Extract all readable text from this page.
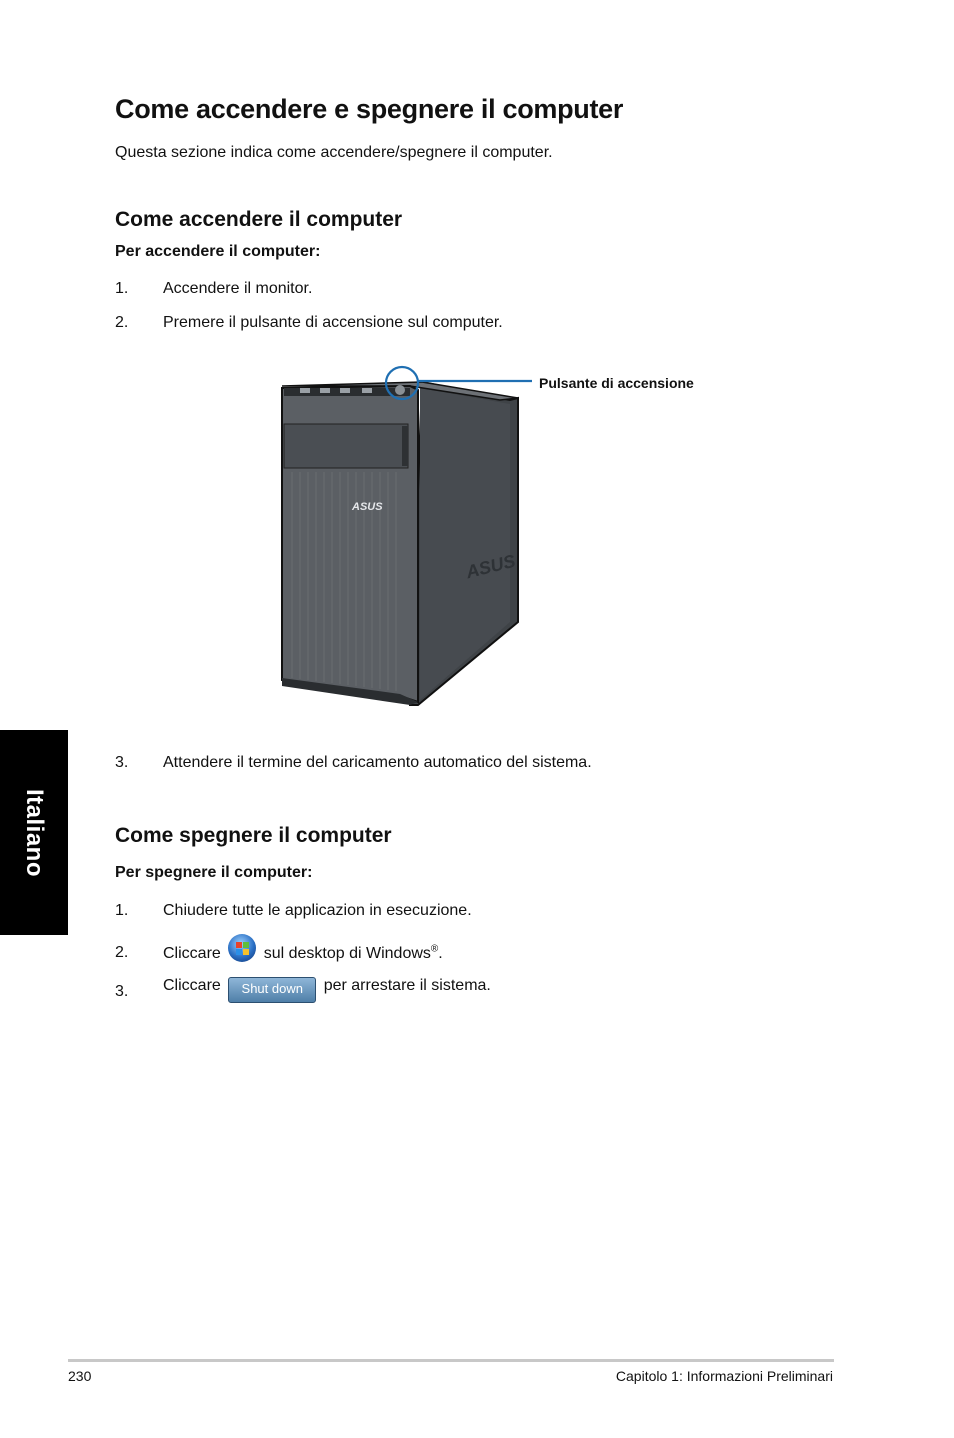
Come accendere e spegnere il computer
Questa sezione indica come accendere/spegnere il computer.
Come accendere il computer
Per accendere il computer:
1. Accendere il monitor.
2. Premere il pulsante di accensione sul computer.
ASUS
ASUS
Pulsante di accensione
3. Attendere il termine del caricamento automatico del sistema.
Come spegnere il computer
Per spegnere il computer:
1. Chiudere tutte le applicazion in esecuzione.
2. Cliccare	sul desktop di Windows®.
3. Cliccare Shut down per arrestare il sistema.
Italiano
230	Capitolo 1: Informazioni Preliminari
